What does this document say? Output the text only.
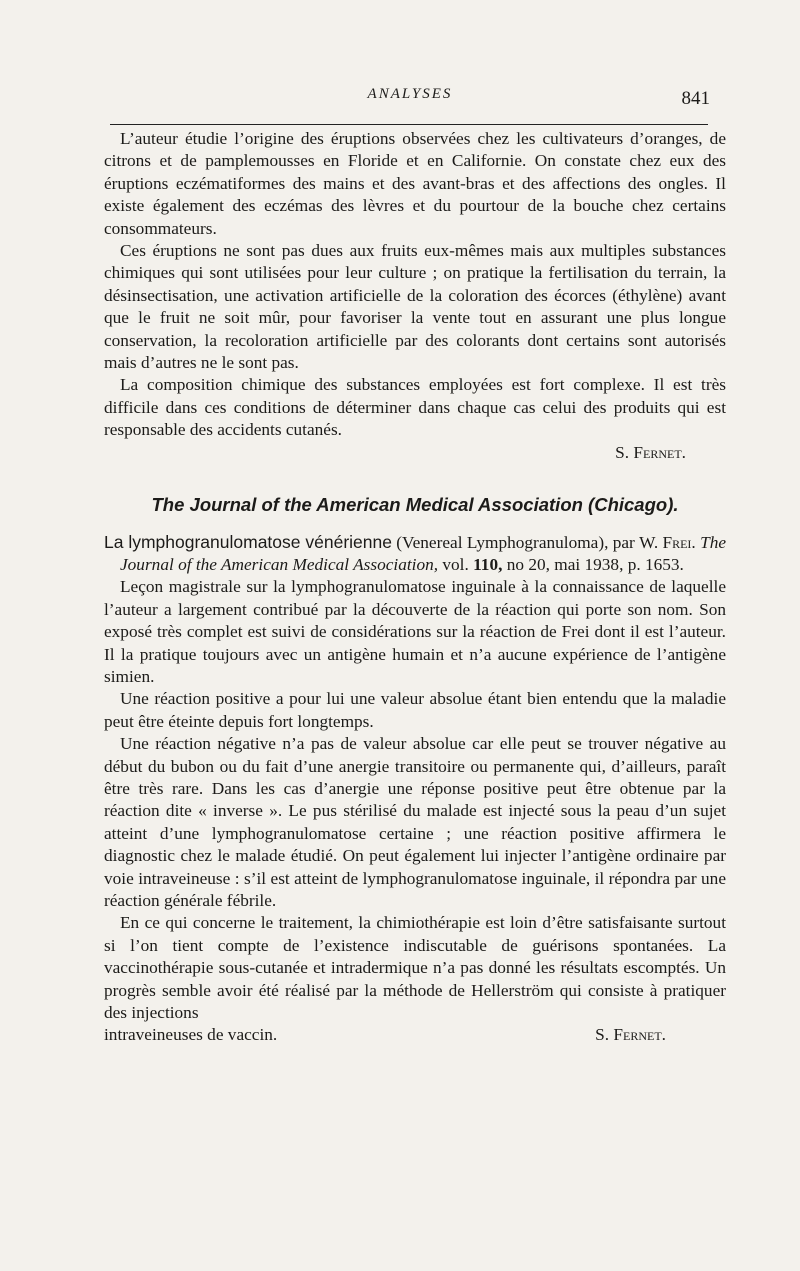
ANALYSES	841

L’auteur étudie l’origine des éruptions observées chez les cultivateurs d’oranges, de citrons et de pamplemousses en Floride et en Californie. On constate chez eux des éruptions eczématiformes des mains et des avant-bras et des affections des ongles. Il existe également des eczémas des lèvres et du pourtour de la bouche chez certains consommateurs.

Ces éruptions ne sont pas dues aux fruits eux-mêmes mais aux multiples substances chimiques qui sont utilisées pour leur culture ; on pratique la fertilisation du terrain, la désinsectisation, une activation artificielle de la coloration des écorces (éthylène) avant que le fruit ne soit mûr, pour favoriser la vente tout en assurant une plus longue conservation, la recoloration artificielle par des colorants dont certains sont autorisés mais d’autres ne le sont pas.

La composition chimique des substances employées est fort complexe. Il est très difficile dans ces conditions de déterminer dans chaque cas celui des produits qui est responsable des accidents cutanés.

S. Fernet.

The Journal of the American Medical Association (Chicago).

La lymphogranulomatose vénérienne (Venereal Lymphogranuloma), par W. Frei. The Journal of the American Medical Association, vol. 110, no 20, mai 1938, p. 1653.

Leçon magistrale sur la lymphogranulomatose inguinale à la connaissance de laquelle l’auteur a largement contribué par la découverte de la réaction qui porte son nom. Son exposé très complet est suivi de considérations sur la réaction de Frei dont il est l’auteur. Il la pratique toujours avec un antigène humain et n’a aucune expérience de l’antigène simien.

Une réaction positive a pour lui une valeur absolue étant bien entendu que la maladie peut être éteinte depuis fort longtemps.

Une réaction négative n’a pas de valeur absolue car elle peut se trouver négative au début du bubon ou du fait d’une anergie transitoire ou permanente qui, d’ailleurs, paraît être très rare. Dans les cas d’anergie une réponse positive peut être obtenue par la réaction dite « inverse ». Le pus stérilisé du malade est injecté sous la peau d’un sujet atteint d’une lymphogranulomatose certaine ; une réaction positive affirmera le diagnostic chez le malade étudié. On peut également lui injecter l’antigène ordinaire par voie intraveineuse : s’il est atteint de lymphogranulomatose inguinale, il répondra par une réaction générale fébrile.

En ce qui concerne le traitement, la chimiothérapie est loin d’être satisfaisante surtout si l’on tient compte de l’existence indiscutable de guérisons spontanées. La vaccinothérapie sous-cutanée et intradermique n’a pas donné les résultats escomptés. Un progrès semble avoir été réalisé par la méthode de Hellerström qui consiste à pratiquer des injections

intraveineuses de vaccin.	S. Fernet.
